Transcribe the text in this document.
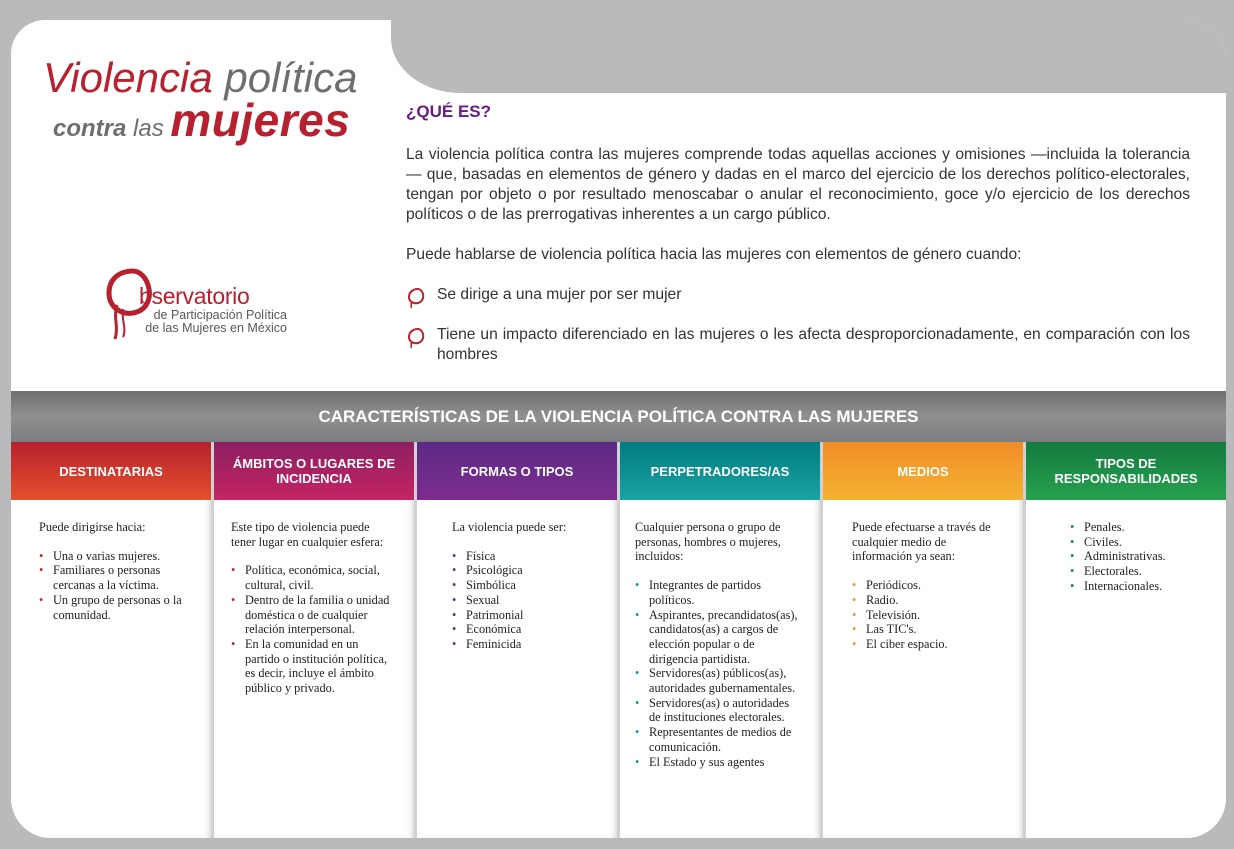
Violencia política
contra las mujeres
bservatorio
de Participación Política
de las Mujeres en México
¿QUÉ ES?

La violencia política contra las mujeres comprende todas aquellas acciones y omisiones —incluida la tolerancia— que, basadas en elementos de género y dadas en el marco del ejercicio de los derechos político-electorales, tengan por objeto o por resultado menoscabar o anular el reconocimiento, goce y/o ejercicio de los derechos políticos o de las prerrogativas inherentes a un cargo público.

Puede hablarse de violencia política hacia las mujeres con elementos de género cuando:

Se dirige a una mujer por ser mujer
Tiene un impacto diferenciado en las mujeres o les afecta desproporcionadamente, en comparación con los hombres
CARACTERÍSTICAS DE LA VIOLENCIA POLÍTICA CONTRA LAS MUJERES
DESTINATARIAS

Puede dirigirse hacia:

• Una o varias mujeres.
• Familiares o personas cercanas a la víctima.
• Un grupo de personas o la comunidad.
ÁMBITOS O LUGARES DE INCIDENCIA

Este tipo de violencia puede tener lugar en cualquier esfera:

• Política, económica, social, cultural, civil.
• Dentro de la familia o unidad doméstica o de cualquier relación interpersonal.
• En la comunidad en un partido o institución política, es decir, incluye el ámbito público y privado.
FORMAS O TIPOS

La violencia puede ser:

• Física
• Psicológica
• Simbólica
• Sexual
• Patrimonial
• Económica
• Feminicida
PERPETRADORES/AS

Cualquier persona o grupo de personas, hombres o mujeres, incluidos:

• Integrantes de partidos políticos.
• Aspirantes, precandidatos(as), candidatos(as) a cargos de elección popular o de dirigencia partidista.
• Servidores(as) públicos(as), autoridades gubernamentales.
• Servidores(as) o autoridades de instituciones electorales.
• Representantes de medios de comunicación.
• El Estado y sus agentes
MEDIOS

Puede efectuarse a través de cualquier medio de información ya sean:

• Periódicos.
• Radio.
• Televisión.
• Las TIC's.
• El ciber espacio.
TIPOS DE RESPONSABILIDADES
• Penales.
• Civiles.
• Administrativas.
• Electorales.
• Internacionales.
